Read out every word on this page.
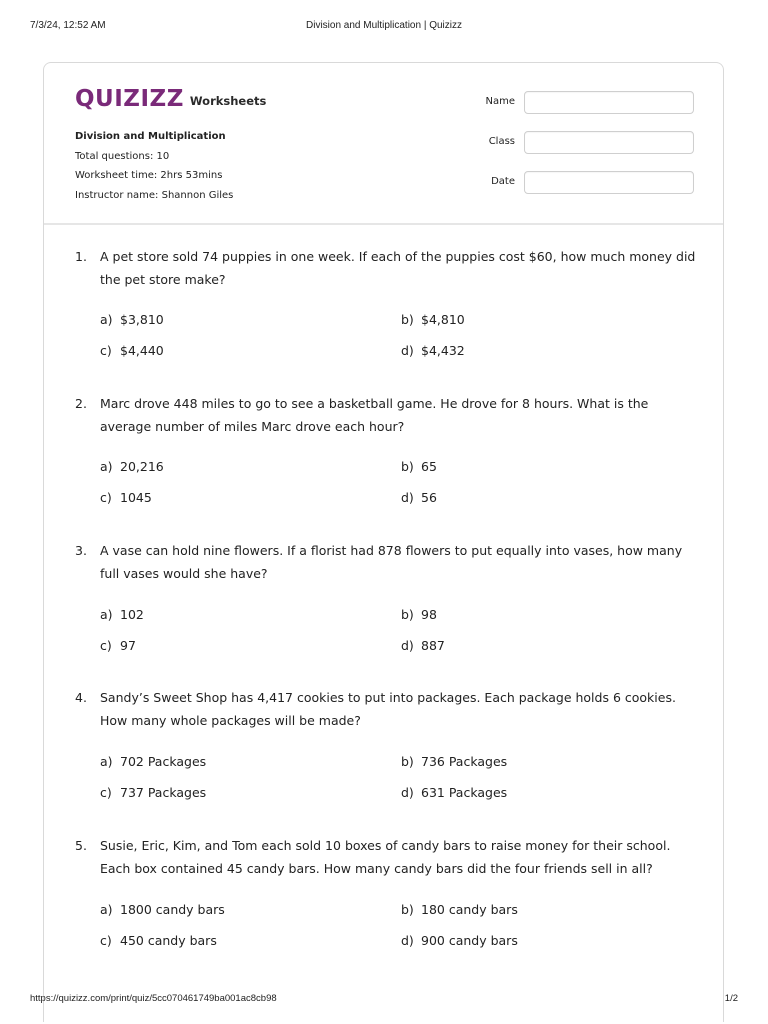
7/3/24, 12:52 AM	Division and Multiplication | Quizizz
QUIZIZZ Worksheets
Division and Multiplication
Total questions: 10
Worksheet time: 2hrs 53mins
Instructor name: Shannon Giles
Name
Class
Date
1. A pet store sold 74 puppies in one week. If each of the puppies cost $60, how much money did the pet store make?
a) $3,810	b) $4,810
c) $4,440	d) $4,432
2. Marc drove 448 miles to go to see a basketball game. He drove for 8 hours. What is the average number of miles Marc drove each hour?
a) 20,216	b) 65
c) 1045	d) 56
3. A vase can hold nine flowers. If a florist had 878 flowers to put equally into vases, how many full vases would she have?
a) 102	b) 98
c) 97	d) 887
4. Sandy’s Sweet Shop has 4,417 cookies to put into packages. Each package holds 6 cookies. How many whole packages will be made?
a) 702 Packages	b) 736 Packages
c) 737 Packages	d) 631 Packages
5. Susie, Eric, Kim, and Tom each sold 10 boxes of candy bars to raise money for their school. Each box contained 45 candy bars. How many candy bars did the four friends sell in all?
a) 1800 candy bars	b) 180 candy bars
c) 450 candy bars	d) 900 candy bars
https://quizizz.com/print/quiz/5cc070461749ba001ac8cb98	1/2
